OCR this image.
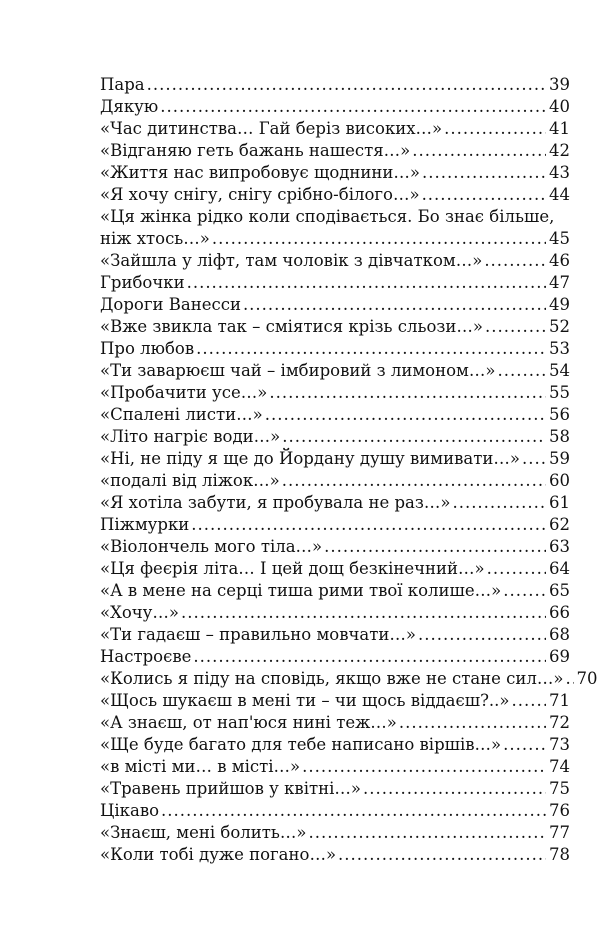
Пара .....	39
Дякую .....	40
«Час дитинства… Гай беріз високих…» .....	41
«Відганяю геть бажань нашестя…» .....	42
«Життя нас випробовує щоднини…» .....	43
«Я хочу снігу, снігу срібно-білого…» .....	44
«Ця жінка рідко коли сподівається. Бо знає більше,
ніж хтось…» .....	45
«Зайшла у ліфт, там чоловік з дівчатком…» .....	46
Грибочки .....	47
Дороги Ванесси .....	49
«Вже звикла так – сміятися крізь сльози…» .....	52
Про любов .....	53
«Ти заварюєш чай – імбировий з лимоном…» .....	54
«Пробачити усе…» .....	55
«Спалені листи…» .....	56
«Літо нагріє води…» .....	58
«Ні, не піду я ще до Йордану душу вимивати…» ..... 59
«подалі від ліжок…» .....	60
«Я хотіла забути, я пробувала не раз…» .....	61
Піжмурки .....	62
«Віолончель мого тіла…» .....	63
«Ця феєрія літа… І цей дощ безкінечний…» .....	64
«А в мене на серці тиша рими твої колише…» .....	65
«Хочу…» .....	66
«Ти гадаєш – правильно мовчати…» .....	68
Настроєве .....	69
«Колись я піду на сповідь, якщо вже не стане сил…» ..... 70
«Щось шукаєш в мені ти – чи щось віддаєш?..» ..... 71
«А знаєш, от нап'юся нині теж…» .....	72
«Ще буде багато для тебе написано віршів…» .....	73
«в місті ми… в місті…» .....	74
«Травень прийшов у квітні…» .....	75
Цікаво .....	76
«Знаєш, мені болить…» .....	77
«Коли тобі дуже погано…» .....	78
